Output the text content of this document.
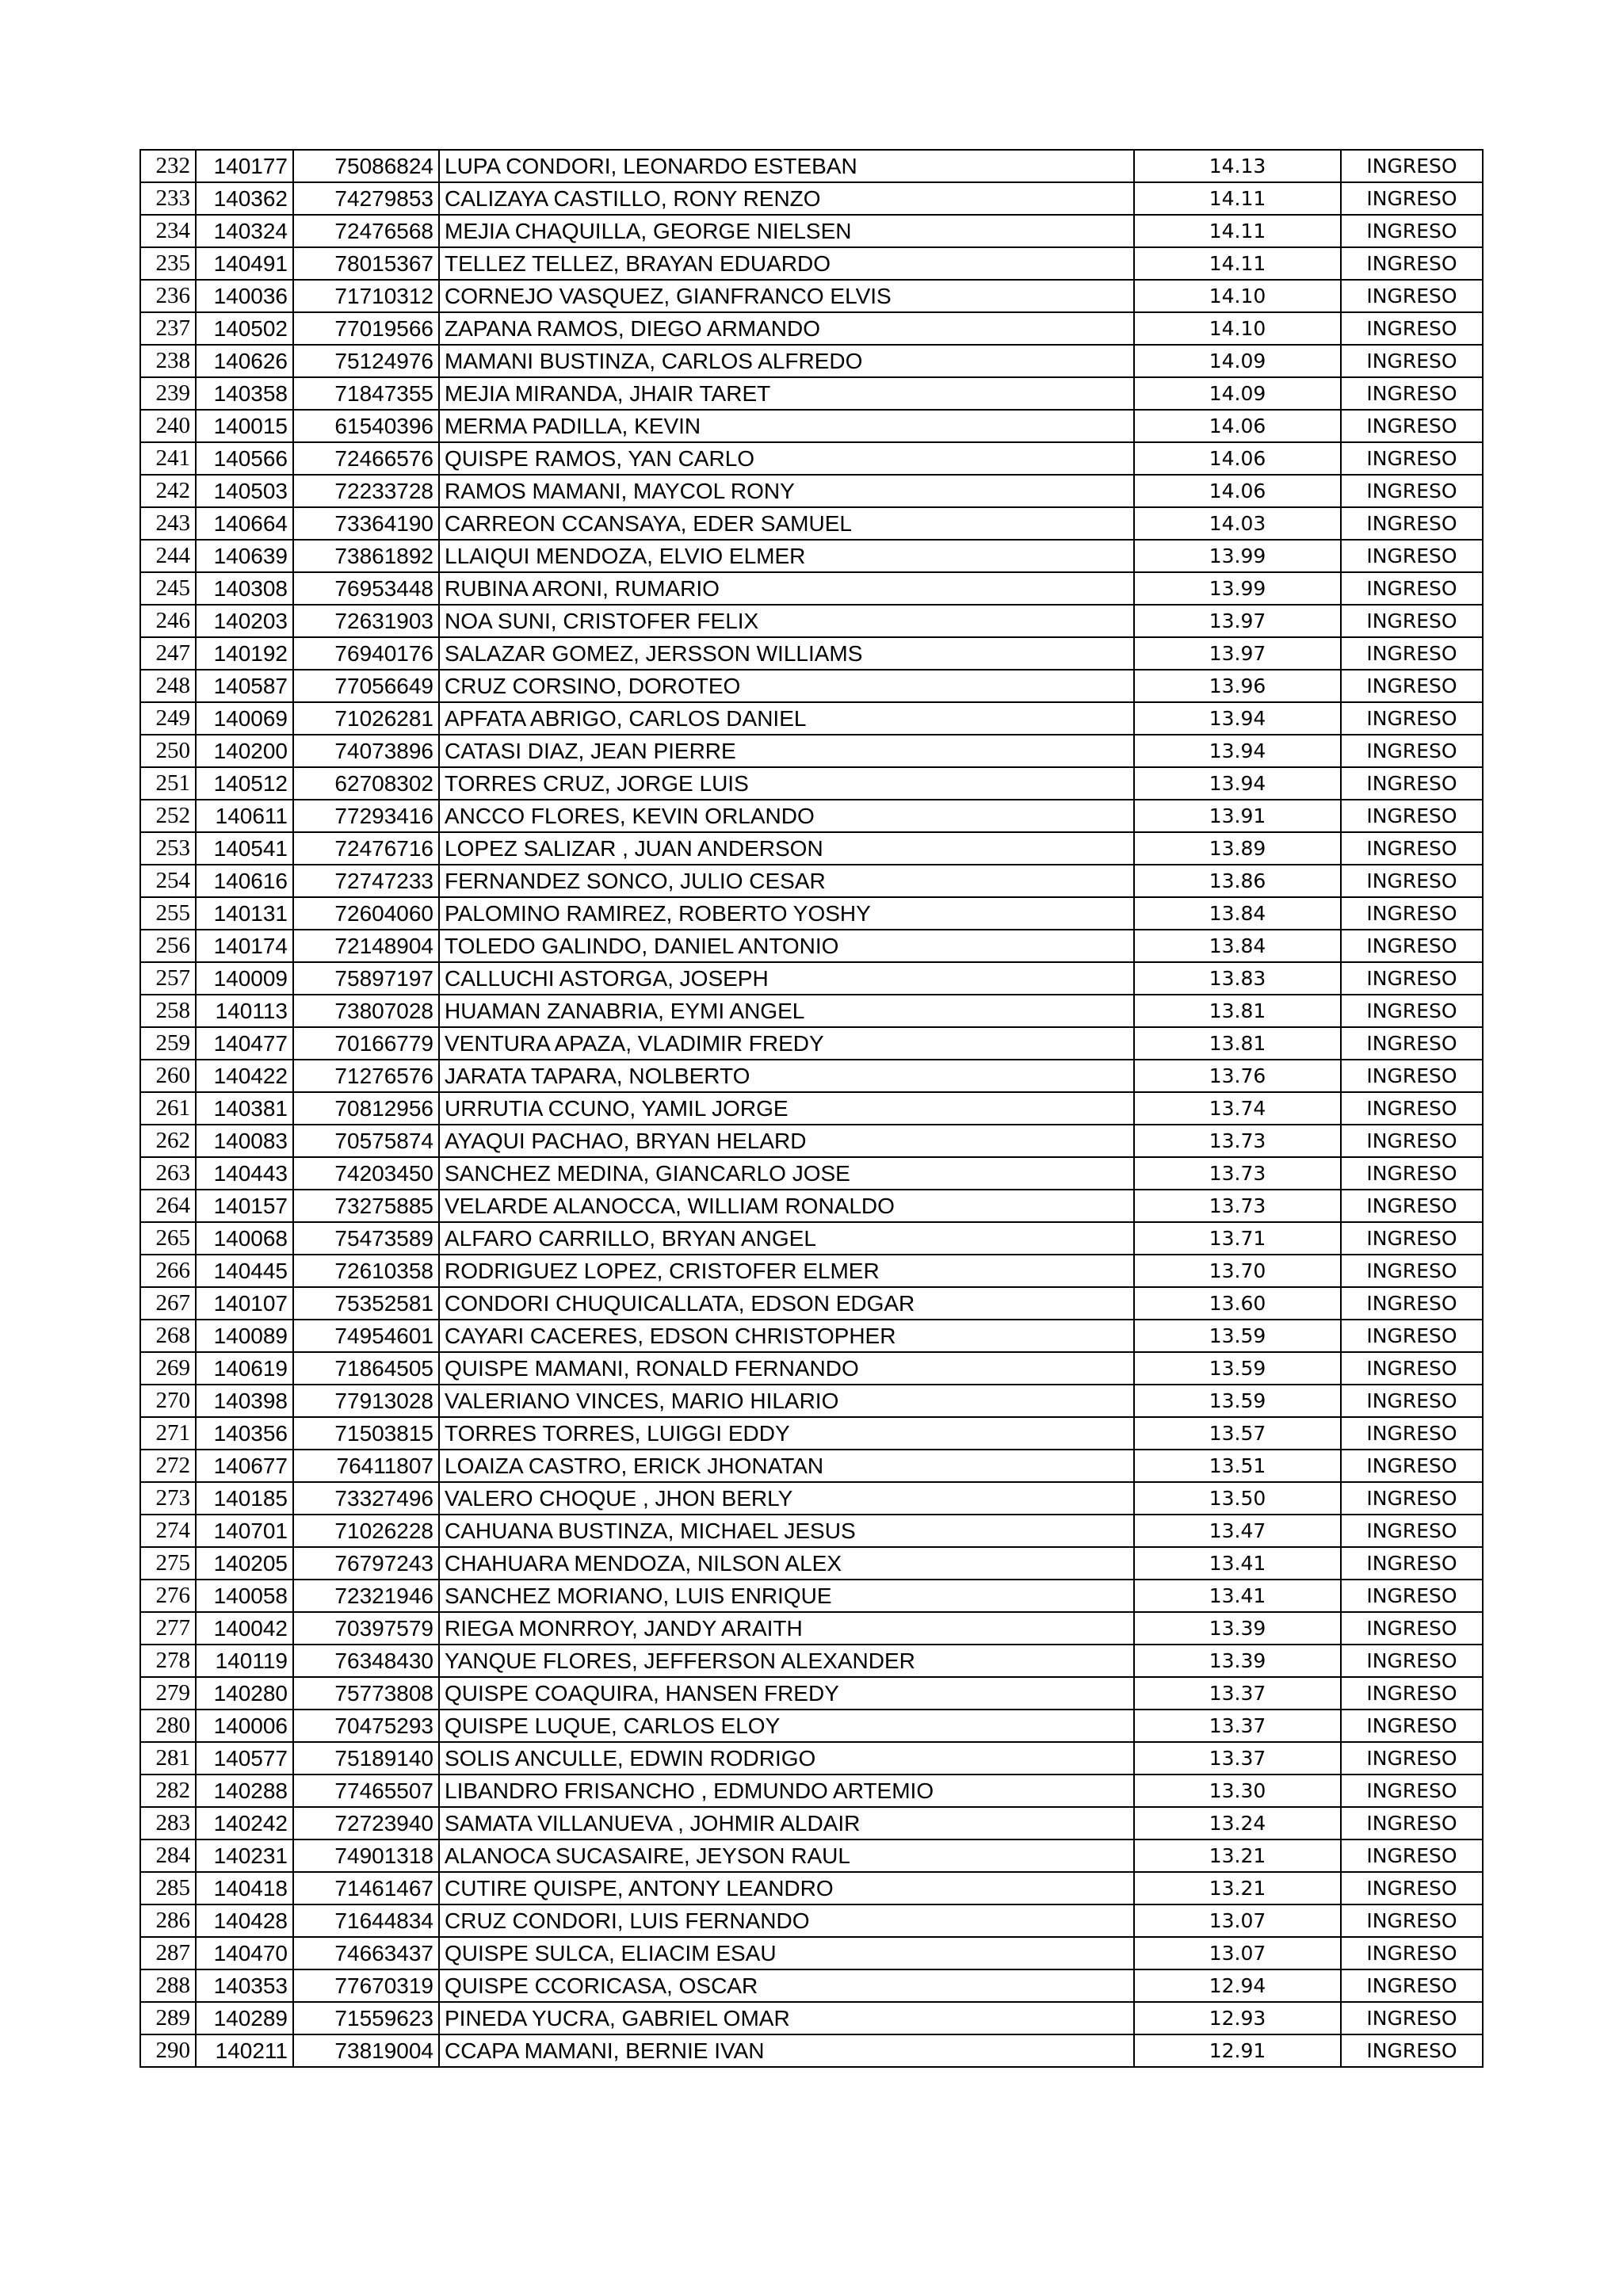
232	140177	75086824	LUPA CONDORI, LEONARDO ESTEBAN	14.13	INGRESO
233	140362	74279853	CALIZAYA CASTILLO, RONY RENZO	14.11	INGRESO
234	140324	72476568	MEJIA CHAQUILLA, GEORGE NIELSEN	14.11	INGRESO
235	140491	78015367	TELLEZ TELLEZ, BRAYAN EDUARDO	14.11	INGRESO
236	140036	71710312	CORNEJO VASQUEZ, GIANFRANCO ELVIS	14.10	INGRESO
237	140502	77019566	ZAPANA RAMOS, DIEGO ARMANDO	14.10	INGRESO
238	140626	75124976	MAMANI BUSTINZA, CARLOS ALFREDO	14.09	INGRESO
239	140358	71847355	MEJIA MIRANDA, JHAIR TARET	14.09	INGRESO
240	140015	61540396	MERMA PADILLA, KEVIN	14.06	INGRESO
241	140566	72466576	QUISPE RAMOS, YAN CARLO	14.06	INGRESO
242	140503	72233728	RAMOS MAMANI, MAYCOL RONY	14.06	INGRESO
243	140664	73364190	CARREON CCANSAYA, EDER SAMUEL	14.03	INGRESO
244	140639	73861892	LLAIQUI MENDOZA, ELVIO ELMER	13.99	INGRESO
245	140308	76953448	RUBINA ARONI, RUMARIO	13.99	INGRESO
246	140203	72631903	NOA SUNI, CRISTOFER FELIX	13.97	INGRESO
247	140192	76940176	SALAZAR GOMEZ, JERSSON WILLIAMS	13.97	INGRESO
248	140587	77056649	CRUZ CORSINO, DOROTEO	13.96	INGRESO
249	140069	71026281	APFATA ABRIGO, CARLOS DANIEL	13.94	INGRESO
250	140200	74073896	CATASI DIAZ, JEAN PIERRE	13.94	INGRESO
251	140512	62708302	TORRES CRUZ, JORGE LUIS	13.94	INGRESO
252	140611	77293416	ANCCO FLORES, KEVIN ORLANDO	13.91	INGRESO
253	140541	72476716	LOPEZ SALIZAR , JUAN ANDERSON	13.89	INGRESO
254	140616	72747233	FERNANDEZ SONCO, JULIO CESAR	13.86	INGRESO
255	140131	72604060	PALOMINO RAMIREZ, ROBERTO YOSHY	13.84	INGRESO
256	140174	72148904	TOLEDO GALINDO, DANIEL ANTONIO	13.84	INGRESO
257	140009	75897197	CALLUCHI ASTORGA, JOSEPH	13.83	INGRESO
258	140113	73807028	HUAMAN ZANABRIA, EYMI ANGEL	13.81	INGRESO
259	140477	70166779	VENTURA APAZA, VLADIMIR FREDY	13.81	INGRESO
260	140422	71276576	JARATA TAPARA, NOLBERTO	13.76	INGRESO
261	140381	70812956	URRUTIA CCUNO, YAMIL JORGE	13.74	INGRESO
262	140083	70575874	AYAQUI PACHAO, BRYAN HELARD	13.73	INGRESO
263	140443	74203450	SANCHEZ MEDINA, GIANCARLO JOSE	13.73	INGRESO
264	140157	73275885	VELARDE ALANOCCA, WILLIAM RONALDO	13.73	INGRESO
265	140068	75473589	ALFARO CARRILLO, BRYAN ANGEL	13.71	INGRESO
266	140445	72610358	RODRIGUEZ LOPEZ, CRISTOFER ELMER	13.70	INGRESO
267	140107	75352581	CONDORI CHUQUICALLATA, EDSON EDGAR	13.60	INGRESO
268	140089	74954601	CAYARI CACERES, EDSON CHRISTOPHER	13.59	INGRESO
269	140619	71864505	QUISPE MAMANI, RONALD FERNANDO	13.59	INGRESO
270	140398	77913028	VALERIANO VINCES, MARIO HILARIO	13.59	INGRESO
271	140356	71503815	TORRES TORRES, LUIGGI EDDY	13.57	INGRESO
272	140677	76411807	LOAIZA CASTRO, ERICK JHONATAN	13.51	INGRESO
273	140185	73327496	VALERO CHOQUE , JHON BERLY	13.50	INGRESO
274	140701	71026228	CAHUANA BUSTINZA, MICHAEL JESUS	13.47	INGRESO
275	140205	76797243	CHAHUARA MENDOZA, NILSON ALEX	13.41	INGRESO
276	140058	72321946	SANCHEZ MORIANO, LUIS ENRIQUE	13.41	INGRESO
277	140042	70397579	RIEGA MONRROY, JANDY ARAITH	13.39	INGRESO
278	140119	76348430	YANQUE FLORES, JEFFERSON ALEXANDER	13.39	INGRESO
279	140280	75773808	QUISPE COAQUIRA, HANSEN FREDY	13.37	INGRESO
280	140006	70475293	QUISPE LUQUE, CARLOS ELOY	13.37	INGRESO
281	140577	75189140	SOLIS ANCULLE, EDWIN RODRIGO	13.37	INGRESO
282	140288	77465507	LIBANDRO FRISANCHO , EDMUNDO ARTEMIO	13.30	INGRESO
283	140242	72723940	SAMATA VILLANUEVA , JOHMIR ALDAIR	13.24	INGRESO
284	140231	74901318	ALANOCA SUCASAIRE, JEYSON RAUL	13.21	INGRESO
285	140418	71461467	CUTIRE QUISPE, ANTONY LEANDRO	13.21	INGRESO
286	140428	71644834	CRUZ CONDORI, LUIS FERNANDO	13.07	INGRESO
287	140470	74663437	QUISPE SULCA, ELIACIM ESAU	13.07	INGRESO
288	140353	77670319	QUISPE CCORICASA, OSCAR	12.94	INGRESO
289	140289	71559623	PINEDA YUCRA, GABRIEL OMAR	12.93	INGRESO
290	140211	73819004	CCAPA MAMANI, BERNIE IVAN	12.91	INGRESO
